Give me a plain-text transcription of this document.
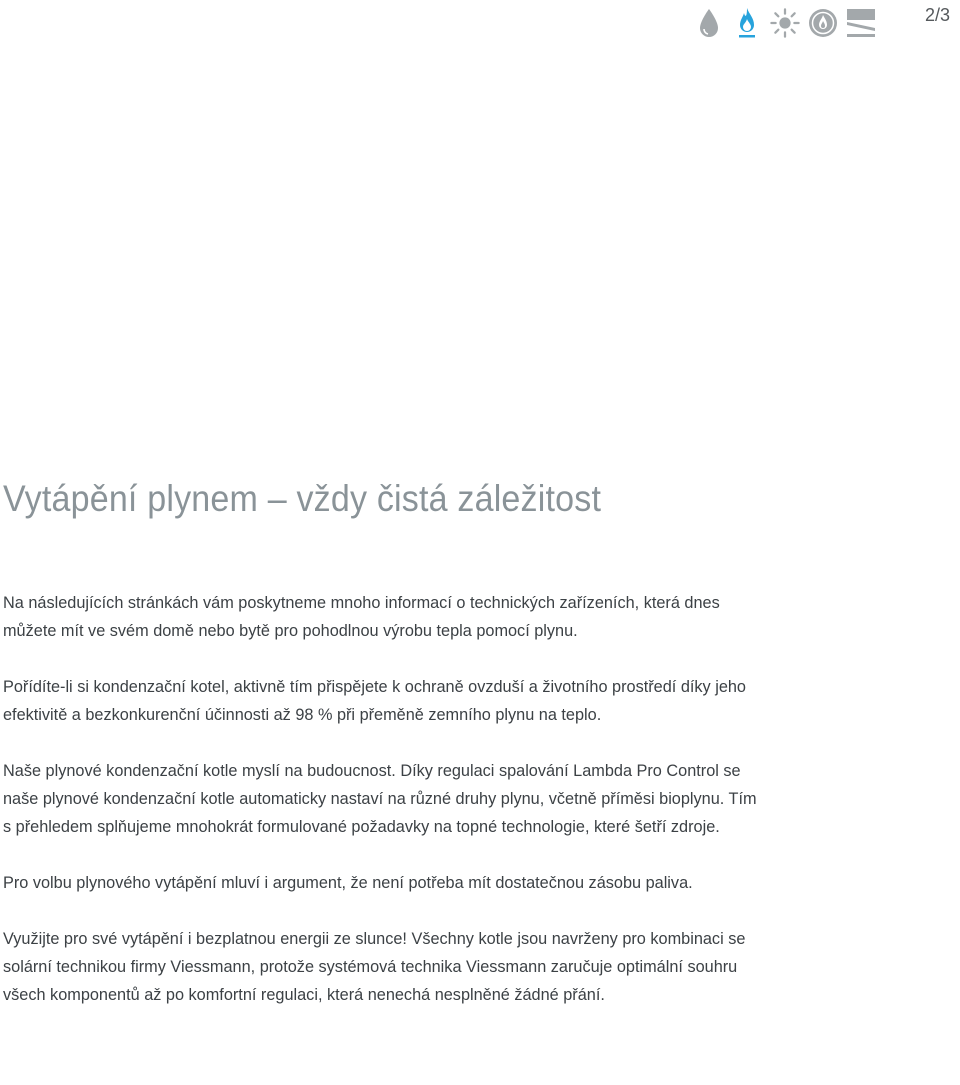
2/3
Vytápění plynem – vždy čistá záležitost

Na následujících stránkách vám poskytneme mnoho informací o technických zařízeních, která dnes můžete mít ve svém domě nebo bytě pro pohodlnou výrobu tepla pomocí plynu.

Pořídíte-li si kondenzační kotel, aktivně tím přispějete k ochraně ovzduší a životního prostředí díky jeho efektivitě a bezkonkurenční účinnosti až 98 % při přeměně zemního plynu na teplo.

Naše plynové kondenzační kotle myslí na budoucnost. Díky regulaci spalování Lambda Pro Control se naše plynové kondenzační kotle automaticky nastaví na různé druhy plynu, včetně příměsi bioplynu. Tím s přehledem splňujeme mnohokrát formulované požadavky na topné technologie, které šetří zdroje.

Pro volbu plynového vytápění mluví i argument, že není potřeba mít dostatečnou zásobu paliva.

Využijte pro své vytápění i bezplatnou energii ze slunce! Všechny kotle jsou navrženy pro kombinaci se solární technikou firmy Viessmann, protože systémová technika Viessmann zaručuje optimální souhru všech komponentů až po komfortní regulaci, která nenechá nesplněné žádné přání.
